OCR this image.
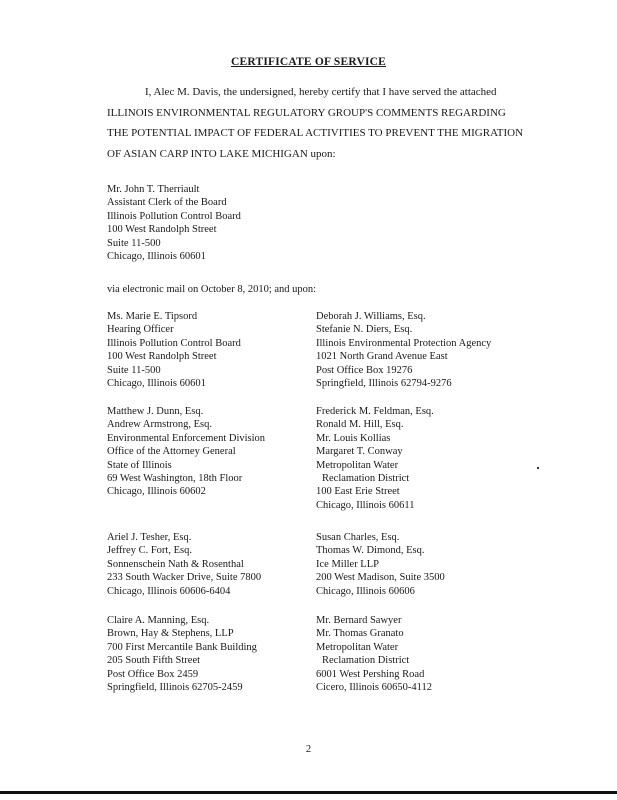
CERTIFICATE OF SERVICE
I, Alec M. Davis, the undersigned, hereby certify that I have served the attached ILLINOIS ENVIRONMENTAL REGULATORY GROUP'S COMMENTS REGARDING THE POTENTIAL IMPACT OF FEDERAL ACTIVITIES TO PREVENT THE MIGRATION OF ASIAN CARP INTO LAKE MICHIGAN upon:
Mr. John T. Therriault
Assistant Clerk of the Board
Illinois Pollution Control Board
100 West Randolph Street
Suite 11-500
Chicago, Illinois 60601
via electronic mail on October 8, 2010; and upon:
Ms. Marie E. Tipsord
Hearing Officer
Illinois Pollution Control Board
100 West Randolph Street
Suite 11-500
Chicago, Illinois 60601
Matthew J. Dunn, Esq.
Andrew Armstrong, Esq.
Environmental Enforcement Division
Office of the Attorney General
State of Illinois
69 West Washington, 18th Floor
Chicago, Illinois 60602
Ariel J. Tesher, Esq.
Jeffrey C. Fort, Esq.
Sonnenschein Nath & Rosenthal
233 South Wacker Drive, Suite 7800
Chicago, Illinois 60606-6404
Claire A. Manning, Esq.
Brown, Hay & Stephens, LLP
700 First Mercantile Bank Building
205 South Fifth Street
Post Office Box 2459
Springfield, Illinois 62705-2459
Deborah J. Williams, Esq.
Stefanie N. Diers, Esq.
Illinois Environmental Protection Agency
1021 North Grand Avenue East
Post Office Box 19276
Springfield, Illinois 62794-9276
Frederick M. Feldman, Esq.
Ronald M. Hill, Esq.
Mr. Louis Kollias
Margaret T. Conway
Metropolitan Water
Reclamation District
100 East Erie Street
Chicago, Illinois 60611
Susan Charles, Esq.
Thomas W. Dimond, Esq.
Ice Miller LLP
200 West Madison, Suite 3500
Chicago, Illinois 60606
Mr. Bernard Sawyer
Mr. Thomas Granato
Metropolitan Water
Reclamation District
6001 West Pershing Road
Cicero, Illinois 60650-4112
2
